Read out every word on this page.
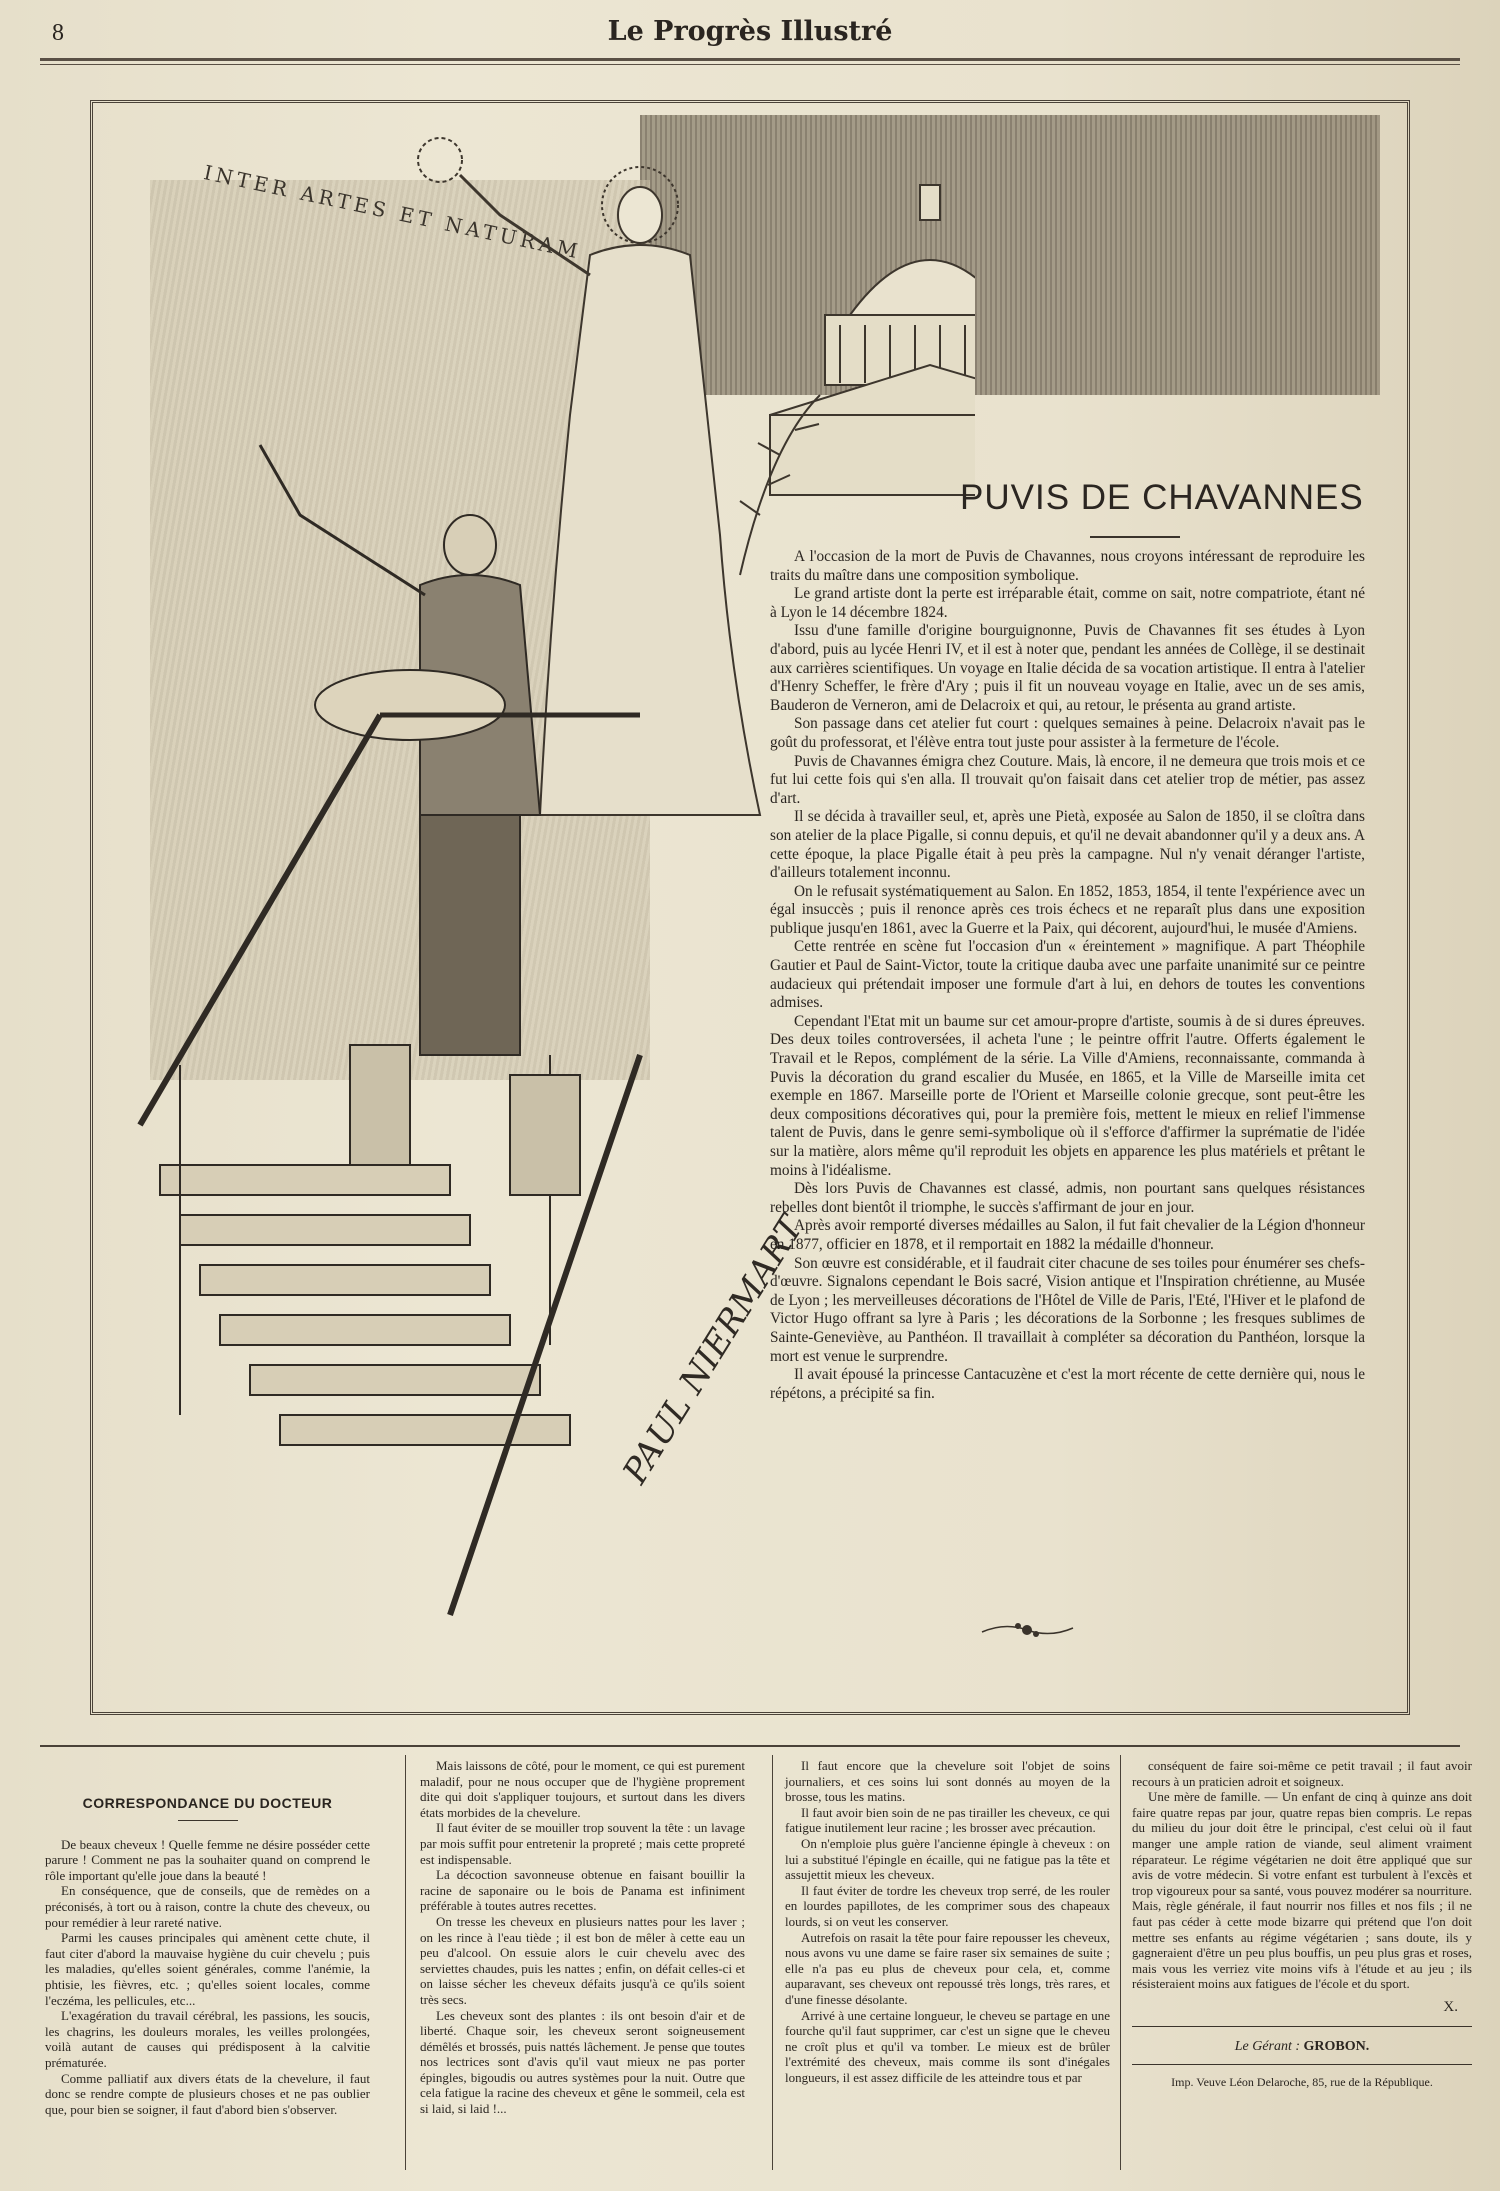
8	Le Progrès Illustré
INTER ARTES ET NATURAM
PAUL NIERMART
PUVIS DE CHAVANNES

A l'occasion de la mort de Puvis de Chavannes, nous croyons intéressant de reproduire les traits du maître dans une composition symbolique.

Le grand artiste dont la perte est irréparable était, comme on sait, notre compatriote, étant né à Lyon le 14 décembre 1824.

Issu d'une famille d'origine bourguignonne, Puvis de Chavannes fit ses études à Lyon d'abord, puis au lycée Henri IV, et il est à noter que, pendant les années de Collège, il se destinait aux carrières scientifiques. Un voyage en Italie décida de sa vocation artistique. Il entra à l'atelier d'Henry Scheffer, le frère d'Ary ; puis il fit un nouveau voyage en Italie, avec un de ses amis, Bauderon de Verneron, ami de Delacroix et qui, au retour, le présenta au grand artiste.

Son passage dans cet atelier fut court : quelques semaines à peine. Delacroix n'avait pas le goût du professorat, et l'élève entra tout juste pour assister à la fermeture de l'école.

Puvis de Chavannes émigra chez Couture. Mais, là encore, il ne demeura que trois mois et ce fut lui cette fois qui s'en alla. Il trouvait qu'on faisait dans cet atelier trop de métier, pas assez d'art.

Il se décida à travailler seul, et, après une Pietà, exposée au Salon de 1850, il se cloîtra dans son atelier de la place Pigalle, si connu depuis, et qu'il ne devait abandonner qu'il y a deux ans. A cette époque, la place Pigalle était à peu près la campagne. Nul n'y venait déranger l'artiste, d'ailleurs totalement inconnu.

On le refusait systématiquement au Salon. En 1852, 1853, 1854, il tente l'expérience avec un égal insuccès ; puis il renonce après ces trois échecs et ne reparaît plus dans une exposition publique jusqu'en 1861, avec la Guerre et la Paix, qui décorent, aujourd'hui, le musée d'Amiens.

Cette rentrée en scène fut l'occasion d'un « éreintement » magnifique. A part Théophile Gautier et Paul de Saint-Victor, toute la critique dauba avec une parfaite unanimité sur ce peintre audacieux qui prétendait imposer une formule d'art à lui, en dehors de toutes les conventions admises.

Cependant l'Etat mit un baume sur cet amour-propre d'artiste, soumis à de si dures épreuves. Des deux toiles controversées, il acheta l'une ; le peintre offrit l'autre. Offerts également le Travail et le Repos, complément de la série. La Ville d'Amiens, reconnaissante, commanda à Puvis la décoration du grand escalier du Musée, en 1865, et la Ville de Marseille imita cet exemple en 1867. Marseille porte de l'Orient et Marseille colonie grecque, sont peut-être les deux compositions décoratives qui, pour la première fois, mettent le mieux en relief l'immense talent de Puvis, dans le genre semi-symbolique où il s'efforce d'affirmer la suprématie de l'idée sur la matière, alors même qu'il reproduit les objets en apparence les plus matériels et prêtant le moins à l'idéalisme.

Dès lors Puvis de Chavannes est classé, admis, non pourtant sans quelques résistances rebelles dont bientôt il triomphe, le succès s'affirmant de jour en jour.

Après avoir remporté diverses médailles au Salon, il fut fait chevalier de la Légion d'honneur en 1877, officier en 1878, et il remportait en 1882 la médaille d'honneur.

Son œuvre est considérable, et il faudrait citer chacune de ses toiles pour énumérer ses chefs-d'œuvre. Signalons cependant le Bois sacré, Vision antique et l'Inspiration chrétienne, au Musée de Lyon ; les merveilleuses décorations de l'Hôtel de Ville de Paris, l'Eté, l'Hiver et le plafond de Victor Hugo offrant sa lyre à Paris ; les décorations de la Sorbonne ; les fresques sublimes de Sainte-Geneviève, au Panthéon. Il travaillait à compléter sa décoration du Panthéon, lorsque la mort est venue le surprendre.

Il avait épousé la princesse Cantacuzène et c'est la mort récente de cette dernière qui, nous le répétons, a précipité sa fin.

CORRESPONDANCE DU DOCTEUR

De beaux cheveux ! Quelle femme ne désire posséder cette parure ! Comment ne pas la souhaiter quand on comprend le rôle important qu'elle joue dans la beauté !

En conséquence, que de conseils, que de remèdes on a préconisés, à tort ou à raison, contre la chute des cheveux, ou pour remédier à leur rareté native.

Parmi les causes principales qui amènent cette chute, il faut citer d'abord la mauvaise hygiène du cuir chevelu ; puis les maladies, qu'elles soient générales, comme l'anémie, la phtisie, les fièvres, etc. ; qu'elles soient locales, comme l'eczéma, les pellicules, etc...

L'exagération du travail cérébral, les passions, les soucis, les chagrins, les douleurs morales, les veilles prolongées, voilà autant de causes qui prédisposent à la calvitie prématurée.

Comme palliatif aux divers états de la chevelure, il faut donc se rendre compte de plusieurs choses et ne pas oublier que, pour bien se soigner, il faut d'abord bien s'observer.

Mais laissons de côté, pour le moment, ce qui est purement maladif, pour ne nous occuper que de l'hygiène proprement dite qui doit s'appliquer toujours, et surtout dans les divers états morbides de la chevelure.

Il faut éviter de se mouiller trop souvent la tête : un lavage par mois suffit pour entretenir la propreté ; mais cette propreté est indispensable.

La décoction savonneuse obtenue en faisant bouillir la racine de saponaire ou le bois de Panama est infiniment préférable à toutes autres recettes.

On tresse les cheveux en plusieurs nattes pour les laver ; on les rince à l'eau tiède ; il est bon de mêler à cette eau un peu d'alcool. On essuie alors le cuir chevelu avec des serviettes chaudes, puis les nattes ; enfin, on défait celles-ci et on laisse sécher les cheveux défaits jusqu'à ce qu'ils soient très secs.

Les cheveux sont des plantes : ils ont besoin d'air et de liberté. Chaque soir, les cheveux seront soigneusement démêlés et brossés, puis nattés lâchement. Je pense que toutes nos lectrices sont d'avis qu'il vaut mieux ne pas porter épingles, bigoudis ou autres systèmes pour la nuit. Outre que cela fatigue la racine des cheveux et gêne le sommeil, cela est si laid, si laid !...

Il faut encore que la chevelure soit l'objet de soins journaliers, et ces soins lui sont donnés au moyen de la brosse, tous les matins.

Il faut avoir bien soin de ne pas tirailler les cheveux, ce qui fatigue inutilement leur racine ; les brosser avec précaution.

On n'emploie plus guère l'ancienne épingle à cheveux : on lui a substitué l'épingle en écaille, qui ne fatigue pas la tête et assujettit mieux les cheveux.

Il faut éviter de tordre les cheveux trop serré, de les rouler en lourdes papillotes, de les comprimer sous des chapeaux lourds, si on veut les conserver.

Autrefois on rasait la tête pour faire repousser les cheveux, nous avons vu une dame se faire raser six semaines de suite ; elle n'a pas eu plus de cheveux pour cela, et, comme auparavant, ses cheveux ont repoussé très longs, très rares, et d'une finesse désolante.

Arrivé à une certaine longueur, le cheveu se partage en une fourche qu'il faut supprimer, car c'est un signe que le cheveu ne croît plus et qu'il va tomber. Le mieux est de brûler l'extrémité des cheveux, mais comme ils sont d'inégales longueurs, il est assez difficile de les atteindre tous et par

conséquent de faire soi-même ce petit travail ; il faut avoir recours à un praticien adroit et soigneux.

Une mère de famille. — Un enfant de cinq à quinze ans doit faire quatre repas par jour, quatre repas bien compris. Le repas du milieu du jour doit être le principal, c'est celui où il faut manger une ample ration de viande, seul aliment vraiment réparateur. Le régime végétarien ne doit être appliqué que sur avis de votre médecin. Si votre enfant est turbulent à l'excès et trop vigoureux pour sa santé, vous pouvez modérer sa nourriture. Mais, règle générale, il faut nourrir nos filles et nos fils ; il ne faut pas céder à cette mode bizarre qui prétend que l'on doit mettre ses enfants au régime végétarien ; sans doute, ils y gagneraient d'être un peu plus bouffis, un peu plus gras et roses, mais vous les verriez vite moins vifs à l'étude et au jeu ; ils résisteraient moins aux fatigues de l'école et du sport.

X.
Le Gérant : GROBON.
Imp. Veuve Léon Delaroche, 85, rue de la République.
